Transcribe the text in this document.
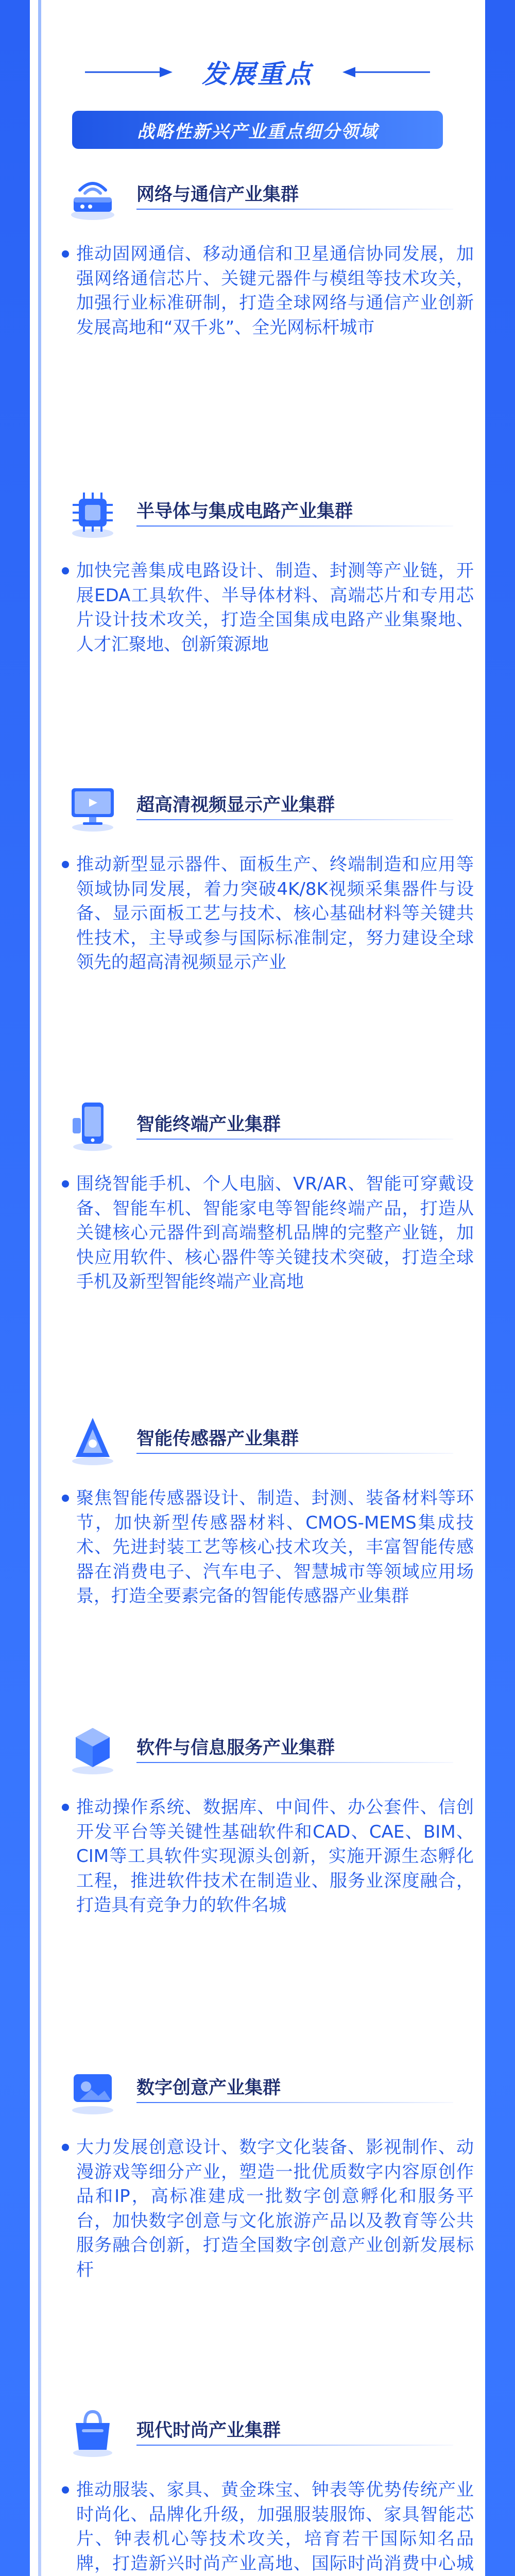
发展重点
战略性新兴产业重点细分领域
网络与通信产业集群
推动固网通信、移动通信和卫星通信协同发展，加强网络通信芯片、关键元器件与模组等技术攻关，加强行业标准研制，打造全球网络与通信产业创新发展高地和“双千兆”、全光网标杆城市
半导体与集成电路产业集群
加快完善集成电路设计、制造、封测等产业链，开展EDA工具软件、半导体材料、高端芯片和专用芯片设计技术攻关，打造全国集成电路产业集聚地、人才汇聚地、创新策源地
超高清视频显示产业集群
推动新型显示器件、面板生产、终端制造和应用等领域协同发展，着力突破4K/8K视频采集器件与设备、显示面板工艺与技术、核心基础材料等关键共性技术，主导或参与国际标准制定，努力建设全球领先的超高清视频显示产业
智能终端产业集群
围绕智能手机、个人电脑、VR/AR、智能可穿戴设备、智能车机、智能家电等智能终端产品，打造从关键核心元器件到高端整机品牌的完整产业链，加快应用软件、核心器件等关键技术突破，打造全球手机及新型智能终端产业高地
智能传感器产业集群
聚焦智能传感器设计、制造、封测、装备材料等环节，加快新型传感器材料、CMOS-MEMS集成技术、先进封装工艺等核心技术攻关，丰富智能传感器在消费电子、汽车电子、智慧城市等领域应用场景，打造全要素完备的智能传感器产业集群
软件与信息服务产业集群
推动操作系统、数据库、中间件、办公套件、信创开发平台等关键性基础软件和CAD、CAE、BIM、CIM等工具软件实现源头创新，实施开源生态孵化工程，推进软件技术在制造业、服务业深度融合，打造具有竞争力的软件名城
数字创意产业集群
大力发展创意设计、数字文化装备、影视制作、动漫游戏等细分产业，塑造一批优质数字内容原创作品和IP，高标准建成一批数字创意孵化和服务平台，加快数字创意与文化旅游产品以及教育等公共服务融合创新，打造全国数字创意产业创新发展标杆
现代时尚产业集群
推动服装、家具、黄金珠宝、钟表等优势传统产业时尚化、品牌化升级，加强服装服饰、家具智能芯片、钟表机心等技术攻关，培育若干国际知名品牌，打造新兴时尚产业高地、国际时尚消费中心城
